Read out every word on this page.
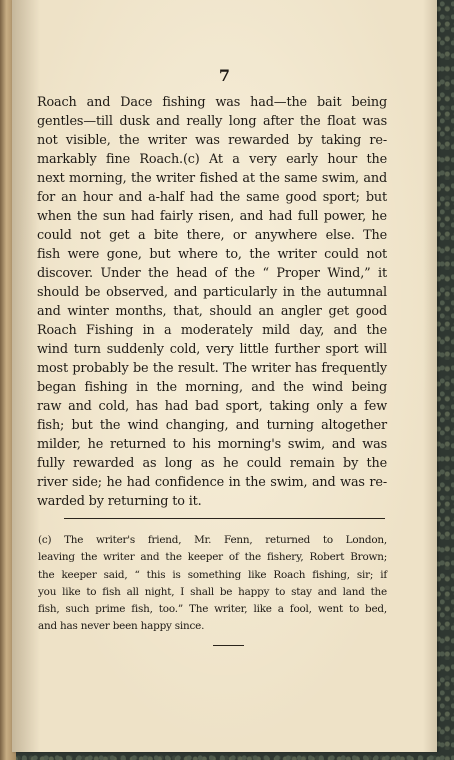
7
Roach and Dace fishing was had—the bait being
gentles—till dusk and really long after the float was
not visible, the writer was rewarded by taking re-
markably fine Roach.(c) At a very early hour the
next morning, the writer fished at the same swim, and
for an hour and a-half had the same good sport; but
when the sun had fairly risen, and had full power, he
could not get a bite there, or anywhere else. The
fish were gone, but where to, the writer could not
discover. Under the head of the “ Proper Wind,” it
should be observed, and particularly in the autumnal
and winter months, that, should an angler get good
Roach Fishing in a moderately mild day, and the
wind turn suddenly cold, very little further sport will
most probably be the result. The writer has frequently
began fishing in the morning, and the wind being
raw and cold, has had bad sport, taking only a few
fish; but the wind changing, and turning altogether
milder, he returned to his morning's swim, and was
fully rewarded as long as he could remain by the
river side; he had confidence in the swim, and was re-
warded by returning to it.
(c) The writer's friend, Mr. Fenn, returned to London,
leaving the writer and the keeper of the fishery, Robert Brown;
the keeper said, “ this is something like Roach fishing, sir; if
you like to fish all night, I shall be happy to stay and land the
fish, such prime fish, too.” The writer, like a fool, went to bed,
and has never been happy since.
